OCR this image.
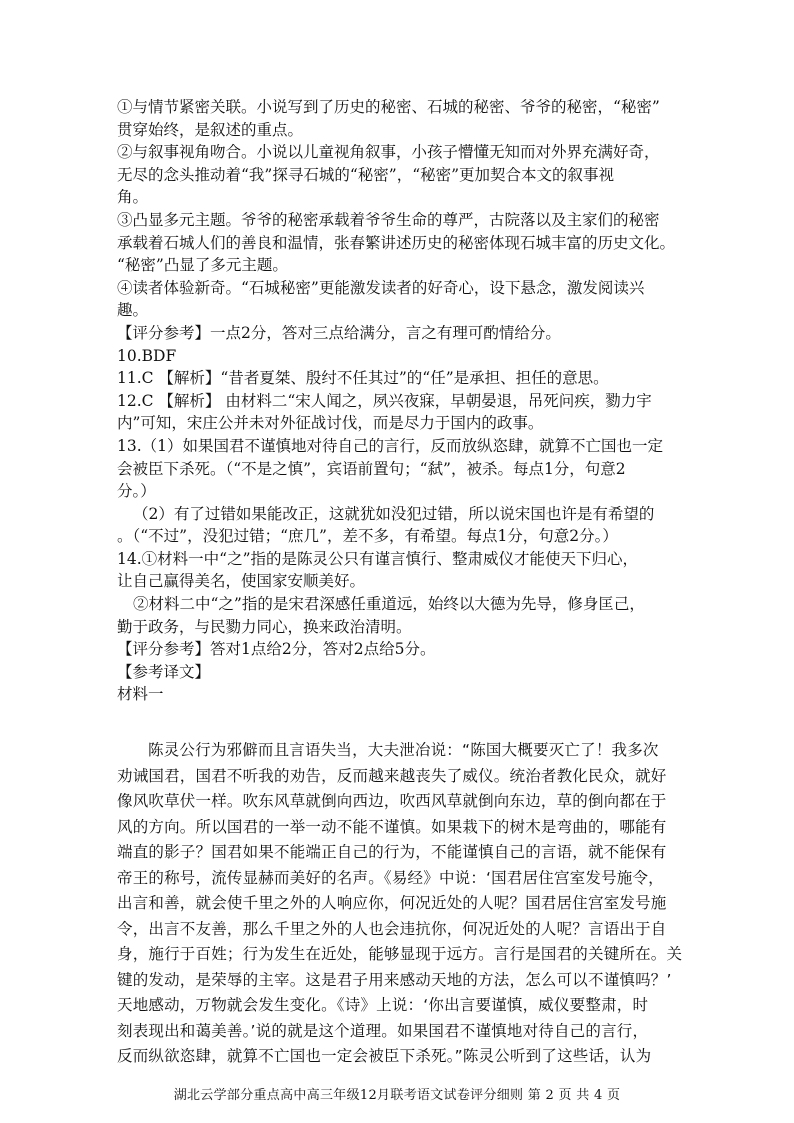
①与情节紧密关联。小说写到了历史的秘密、石城的秘密、爷爷的秘密，“秘密”
贯穿始终，是叙述的重点。
②与叙事视角吻合。小说以儿童视角叙事，小孩子懵懂无知而对外界充满好奇，
无尽的念头推动着“我”探寻石城的“秘密”，“秘密”更加契合本文的叙事视
角。
③凸显多元主题。爷爷的秘密承载着爷爷生命的尊严，古院落以及主家们的秘密
承载着石城人们的善良和温情，张春繁讲述历史的秘密体现石城丰富的历史文化。
“秘密”凸显了多元主题。
④读者体验新奇。“石城秘密”更能激发读者的好奇心，设下悬念，激发阅读兴
趣。
【评分参考】一点2分，答对三点给满分，言之有理可酌情给分。
10.BDF
11.C 【解析】“昔者夏桀、殷纣不任其过”的“任”是承担、担任的意思。
12.C 【解析】 由材料二“宋人闻之，夙兴夜寐，早朝晏退，吊死问疾，勠力宇
内”可知，宋庄公并未对外征战讨伐，而是尽力于国内的政事。
13.（1）如果国君不谨慎地对待自己的言行，反而放纵恣肆，就算不亡国也一定
会被臣下杀死。（“不是之慎”，宾语前置句；“弑”，被杀。每点1分，句意2
分。）
（2）有了过错如果能改正，这就犹如没犯过错，所以说宋国也许是有希望的
。（“不过”，没犯过错；“庶几”，差不多，有希望。每点1分，句意2分。）
14.①材料一中“之”指的是陈灵公只有谨言慎行、整肃威仪才能使天下归心，
让自己赢得美名，使国家安顺美好。
②材料二中“之”指的是宋君深感任重道远，始终以大德为先导，修身匡己，
勤于政务，与民勠力同心，换来政治清明。
【评分参考】答对1点给2分，答对2点给5分。
【参考译文】
材料一
陈灵公行为邪僻而且言语失当，大夫泄冶说：“陈国大概要灭亡了！我多次
劝诫国君，国君不听我的劝告，反而越来越丧失了威仪。统治者教化民众，就好
像风吹草伏一样。吹东风草就倒向西边，吹西风草就倒向东边，草的倒向都在于
风的方向。所以国君的一举一动不能不谨慎。如果栽下的树木是弯曲的，哪能有
端直的影子？国君如果不能端正自己的行为，不能谨慎自己的言语，就不能保有
帝王的称号，流传显赫而美好的名声。《易经》中说：‘国君居住宫室发号施令，
出言和善，就会使千里之外的人响应你，何况近处的人呢？国君居住宫室发号施
令，出言不友善，那么千里之外的人也会违抗你，何况近处的人呢？言语出于自
身，施行于百姓；行为发生在近处，能够显现于远方。言行是国君的关键所在。关
键的发动，是荣辱的主宰。这是君子用来感动天地的方法，怎么可以不谨慎吗？’
天地感动，万物就会发生变化。《诗》上说：‘你出言要谨慎，威仪要整肃，时
刻表现出和蔼美善。’说的就是这个道理。如果国君不谨慎地对待自己的言行，
反而纵欲恣肆，就算不亡国也一定会被臣下杀死。”陈灵公听到了这些话，认为
湖北云学部分重点高中高三年级12月联考语文试卷评分细则 第 2 页 共 4 页
